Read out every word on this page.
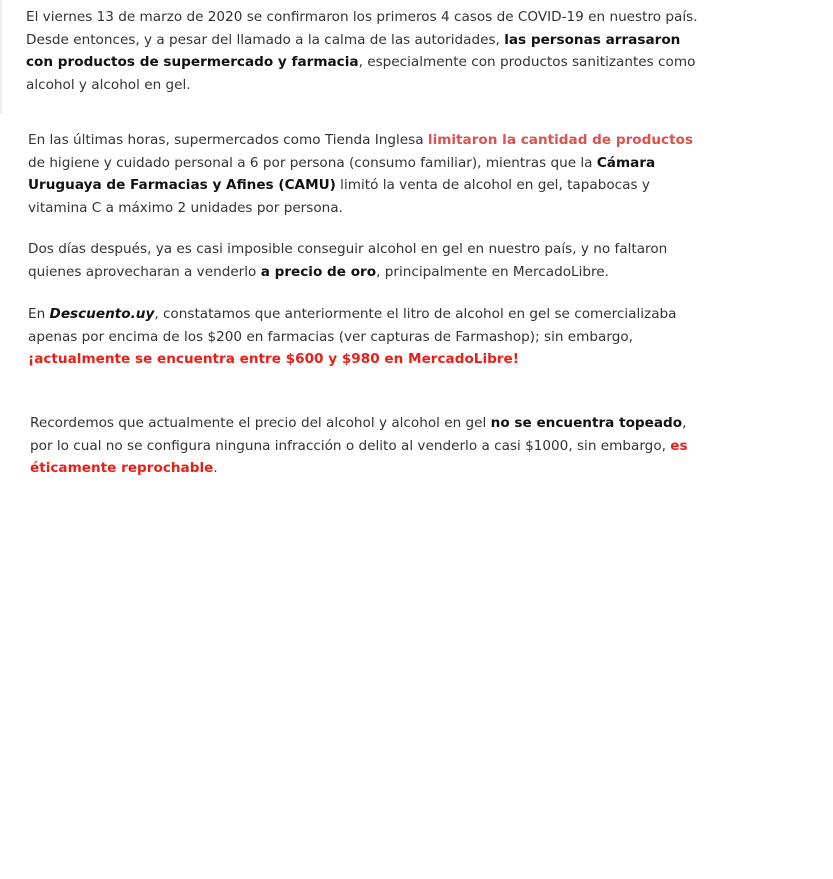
El viernes 13 de marzo de 2020 se confirmaron los primeros 4 casos de COVID-19 en nuestro país. Desde entonces, y a pesar del llamado a la calma de las autoridades, las personas arrasaron con productos de supermercado y farmacia, especialmente con productos sanitizantes como alcohol y alcohol en gel.

En las últimas horas, supermercados como Tienda Inglesa limitaron la cantidad de productos de higiene y cuidado personal a 6 por persona (consumo familiar), mientras que la Cámara Uruguaya de Farmacias y Afines (CAMU) limitó la venta de alcohol en gel, tapabocas y vitamina C a máximo 2 unidades por persona.

Dos días después, ya es casi imposible conseguir alcohol en gel en nuestro país, y no faltaron quienes aprovecharan a venderlo a precio de oro, principalmente en MercadoLibre.

En Descuento.uy, constatamos que anteriormente el litro de alcohol en gel se comercializaba apenas por encima de los $200 en farmacias (ver capturas de Farmashop); sin embargo, ¡actualmente se encuentra entre $600 y $980 en MercadoLibre!

Recordemos que actualmente el precio del alcohol y alcohol en gel no se encuentra topeado, por lo cual no se configura ninguna infracción o delito al venderlo a casi $1000, sin embargo, es éticamente reprochable.
